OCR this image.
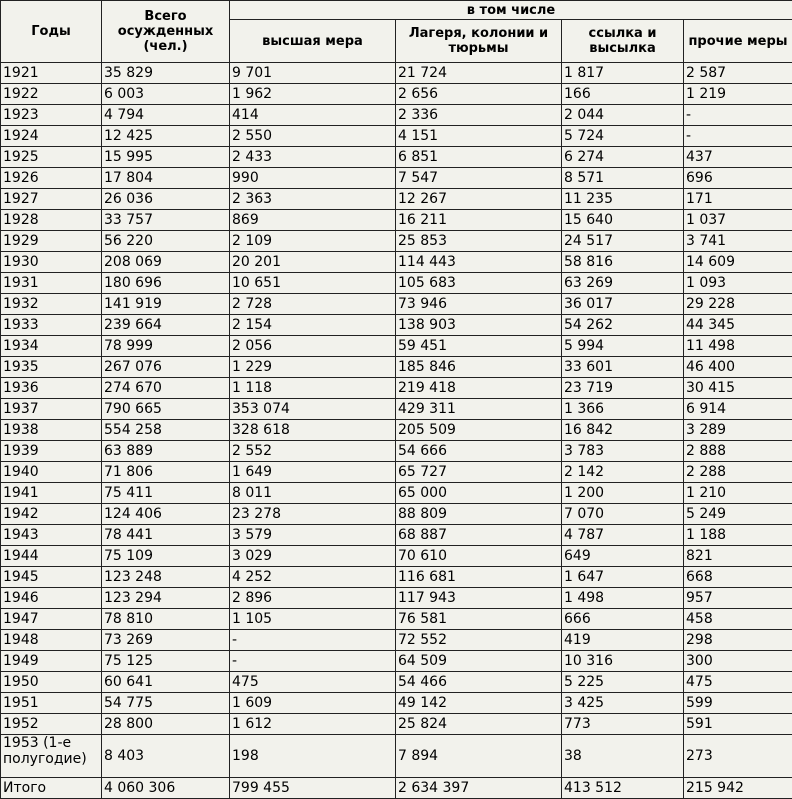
Годы	Всего осужденных (чел.)	в том числе			
		высшая мера	Лагеря, колонии и тюрьмы	ссылка и высылка	прочие меры
1921	35 829	9 701	21 724	1 817	2 587
1922	6 003	1 962	2 656	166	1 219
1923	4 794	414	2 336	2 044	-
1924	12 425	2 550	4 151	5 724	-
1925	15 995	2 433	6 851	6 274	437
1926	17 804	990	7 547	8 571	696
1927	26 036	2 363	12 267	11 235	171
1928	33 757	869	16 211	15 640	1 037
1929	56 220	2 109	25 853	24 517	3 741
1930	208 069	20 201	114 443	58 816	14 609
1931	180 696	10 651	105 683	63 269	1 093
1932	141 919	2 728	73 946	36 017	29 228
1933	239 664	2 154	138 903	54 262	44 345
1934	78 999	2 056	59 451	5 994	11 498
1935	267 076	1 229	185 846	33 601	46 400
1936	274 670	1 118	219 418	23 719	30 415
1937	790 665	353 074	429 311	1 366	6 914
1938	554 258	328 618	205 509	16 842	3 289
1939	63 889	2 552	54 666	3 783	2 888
1940	71 806	1 649	65 727	2 142	2 288
1941	75 411	8 011	65 000	1 200	1 210
1942	124 406	23 278	88 809	7 070	5 249
1943	78 441	3 579	68 887	4 787	1 188
1944	75 109	3 029	70 610	649	821
1945	123 248	4 252	116 681	1 647	668
1946	123 294	2 896	117 943	1 498	957
1947	78 810	1 105	76 581	666	458
1948	73 269	-	72 552	419	298
1949	75 125	-	64 509	10 316	300
1950	60 641	475	54 466	5 225	475
1951	54 775	1 609	49 142	3 425	599
1952	28 800	1 612	25 824	773	591
1953 (1-е полугодие)	8 403	198	7 894	38	273
Итого	4 060 306	799 455	2 634 397	413 512	215 942
